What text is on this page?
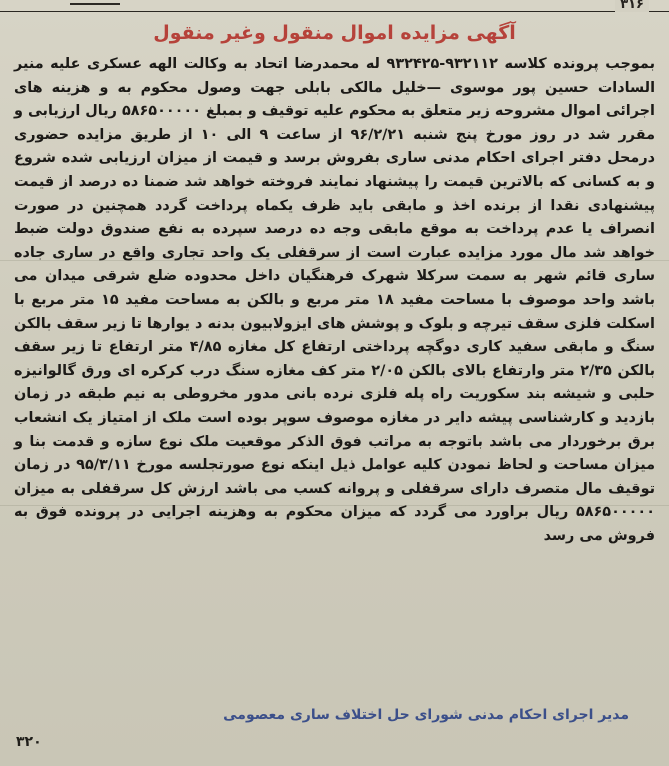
۳۱۶
آگهی مزایده اموال منقول وغیر منقول

بموجب پرونده کلاسه ۹۳۲۱۱۲-۹۳۲۴۲۵ له محمدرضا اتحاد به وکالت الهه عسکری علیه منیر السادات حسین پور موسوی —خلیل مالکی بابلی جهت وصول محکوم به و هزینه های اجرائی اموال مشروحه زیر متعلق به محکوم علیه توقیف و بمبلغ ۵۸۶۵۰۰۰۰۰ ریال ارزیابی و مقرر شد در روز مورخ پنج شنبه ۹۶/۲/۲۱ از ساعت ۹ الی ۱۰ از طریق مزایده حضوری درمحل دفتر اجرای احکام مدنی ساری بفروش برسد و قیمت از میزان ارزیابی شده شروع و به کسانی که بالاترین قیمت را پیشنهاد نمایند فروخته خواهد شد ضمنا ده درصد از قیمت پیشنهادی نقدا از برنده اخذ و مابقی باید ظرف یکماه پرداخت گردد همچنین در صورت انصراف یا عدم پرداخت به موقع مابقی وجه ده درصد سپرده به نفع صندوق دولت ضبط خواهد شد مال مورد مزایده عبارت است از سرقفلی یک واحد تجاری واقع در ساری جاده ساری قائم شهر به سمت سرکلا شهرک فرهنگیان داخل محدوده ضلع شرقی میدان می باشد واحد موصوف با مساحت مفید ۱۸ متر مربع و بالکن به مساحت مفید ۱۵ متر مربع با اسکلت فلزی سقف تیرچه و بلوک و پوشش های ایزولابیون بدنه د یوارها تا زیر سقف بالکن سنگ و مابقی سفید کاری دوگچه پرداختی ارتفاع کل مغازه ۴/۸۵ متر ارتفاع تا زیر سقف بالکن ۲/۳۵ متر وارتفاع بالای بالکن ۲/۰۵ متر کف مغازه سنگ درب کرکره ای ورق گالوانیزه حلبی و شیشه بند سکوریت راه پله فلزی نرده بانی مدور مخروطی به نیم طبقه در زمان بازدید و کارشناسی پیشه دایر در مغازه موصوف سوپر بوده است ملک از امتیاز یک انشعاب برق برخوردار می باشد باتوجه به مراتب فوق الذکر موقعیت ملک نوع سازه و قدمت بنا و میزان مساحت و لحاظ نمودن کلیه عوامل ذیل اینکه نوع صورتجلسه مورخ ۹۵/۳/۱۱ در زمان توقیف مال متصرف دارای سرقفلی و پروانه کسب می باشد ارزش کل سرقفلی به میزان ۵۸۶۵۰۰۰۰۰ ریال براورد می گردد که میزان محکوم به وهزینه اجرایی در پرونده فوق به فروش می رسد

مدیر اجرای احکام مدنی شورای حل اختلاف ساری معصومی
۳۲۰
